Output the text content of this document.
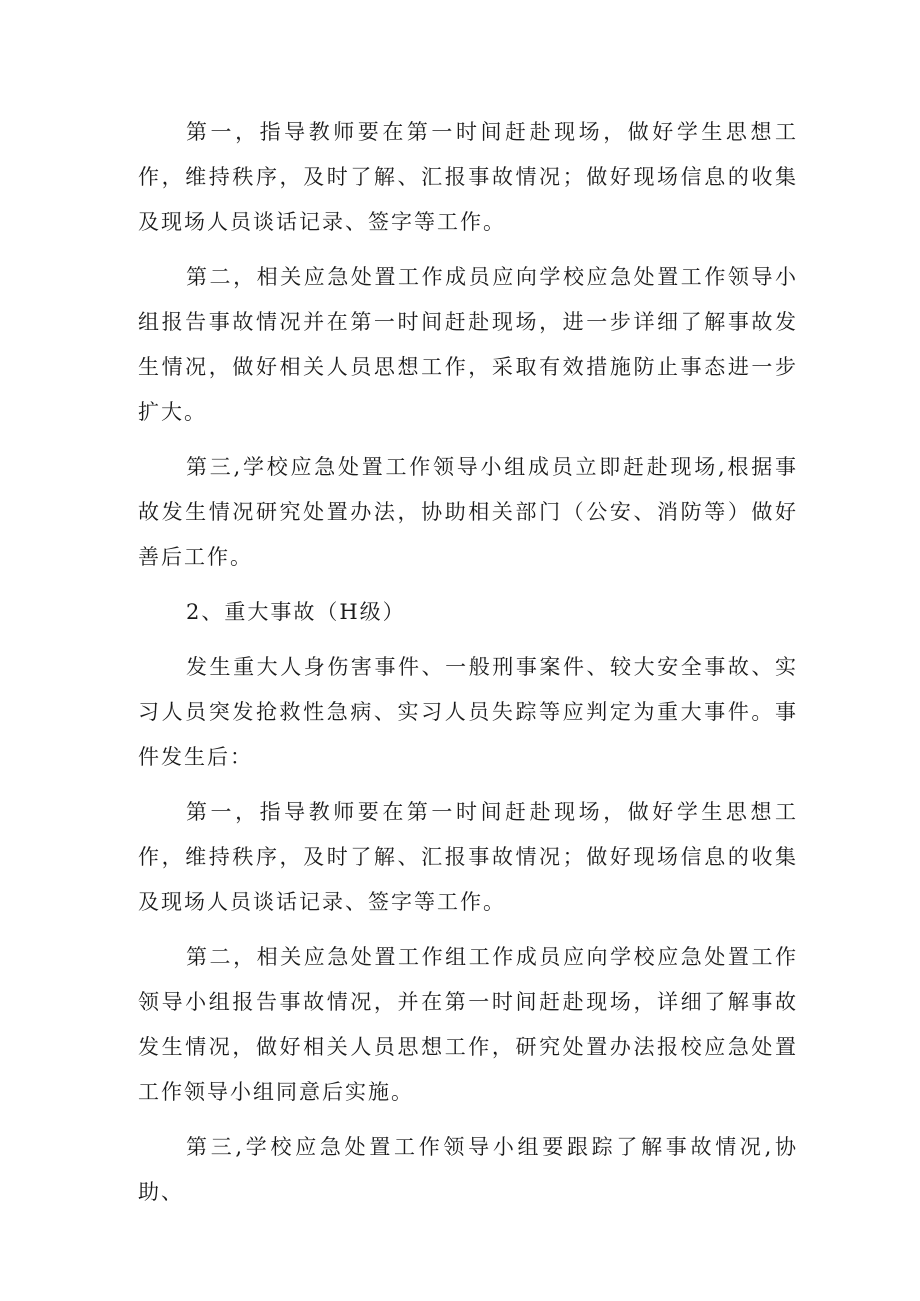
第一，指导教师要在第一时间赶赴现场，做好学生思想工作，维持秩序，及时了解、汇报事故情况；做好现场信息的收集及现场人员谈话记录、签字等工作。

第二，相关应急处置工作成员应向学校应急处置工作领导小组报告事故情况并在第一时间赶赴现场，进一步详细了解事故发生情况，做好相关人员思想工作，采取有效措施防止事态进一步扩大。

第三,学校应急处置工作领导小组成员立即赶赴现场,根据事故发生情况研究处置办法，协助相关部门（公安、消防等）做好善后工作。

2、重大事故（H级）

发生重大人身伤害事件、一般刑事案件、较大安全事故、实习人员突发抢救性急病、实习人员失踪等应判定为重大事件。事件发生后：

第一，指导教师要在第一时间赶赴现场，做好学生思想工作，维持秩序，及时了解、汇报事故情况；做好现场信息的收集及现场人员谈话记录、签字等工作。

第二，相关应急处置工作组工作成员应向学校应急处置工作领导小组报告事故情况，并在第一时间赶赴现场，详细了解事故发生情况，做好相关人员思想工作，研究处置办法报校应急处置工作领导小组同意后实施。

第三,学校应急处置工作领导小组要跟踪了解事故情况,协助、
